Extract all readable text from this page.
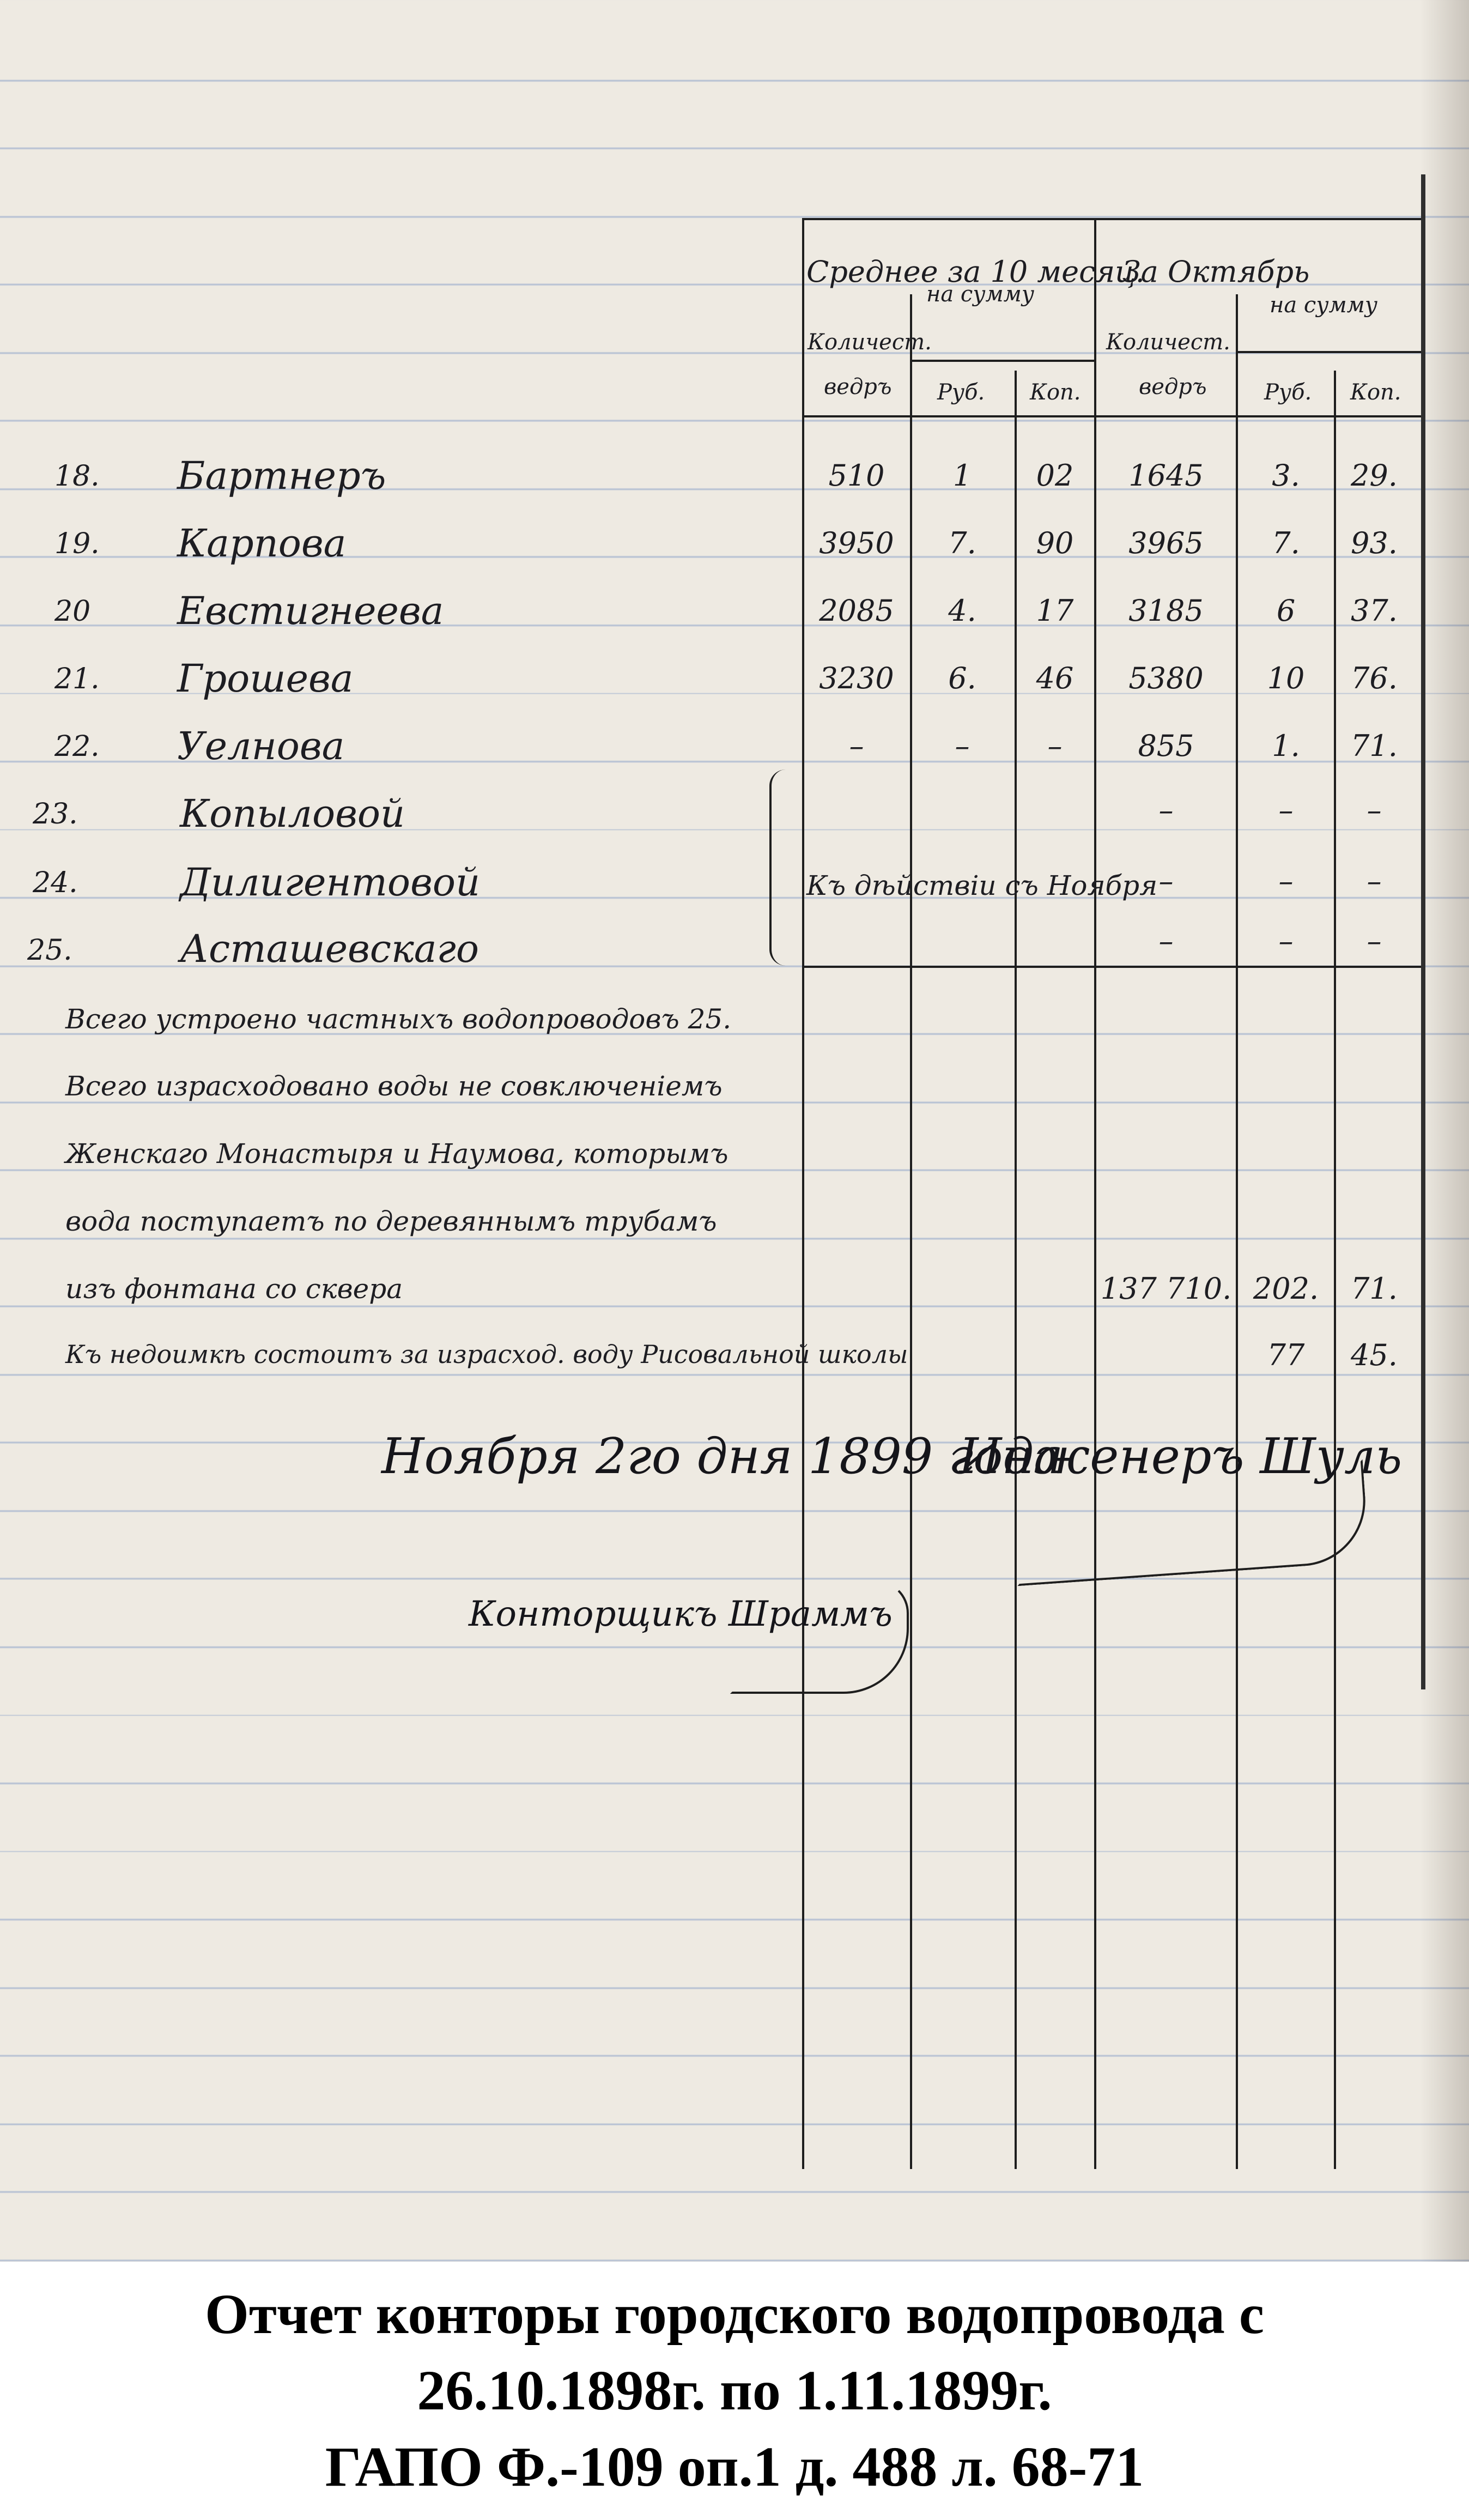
Среднее за 10 месяц.
на сумму
За Октябрь
на сумму
Количест.
ведръ Руб. Коп.
Количест.
ведръ	Руб. Коп.
18. Бартнеръ	510	1	02	1645	3.	29.
19. Карпова	3950	7.	90	3965	7.	93.
20 Евстигнеева	2085	4.	17	3185	6	37.
21. Грошева	3230	6.	46	5380	10	76.
22. Уелнова	–	–	–	855	1.	71.
23.	Копыловой	–	–	–
24.	Дилигентовой	–	–	–
25.	Асташевскаго	–	–	–
Къ дѣйствіи съ Ноября
Всего устроено частныхъ водопроводовъ 25.
Всего израсходовано воды не совключеніемъ
Женскаго Монастыря и Наумова, которымъ
вода поступаетъ по деревяннымъ трубамъ
изъ фонтана со сквера	137 710. 202.	71.
Къ недоимкѣ состоитъ за израсход. воду Рисовальной школы	77	45.
Ноября 2го дня 1899 года
Инженеръ Шуль
Конторщикъ Шраммъ
Отчет конторы городского водопровода с
26.10.1898г. по 1.11.1899г.
ГАПО Ф.-109 оп.1 д. 488 л. 68-71
